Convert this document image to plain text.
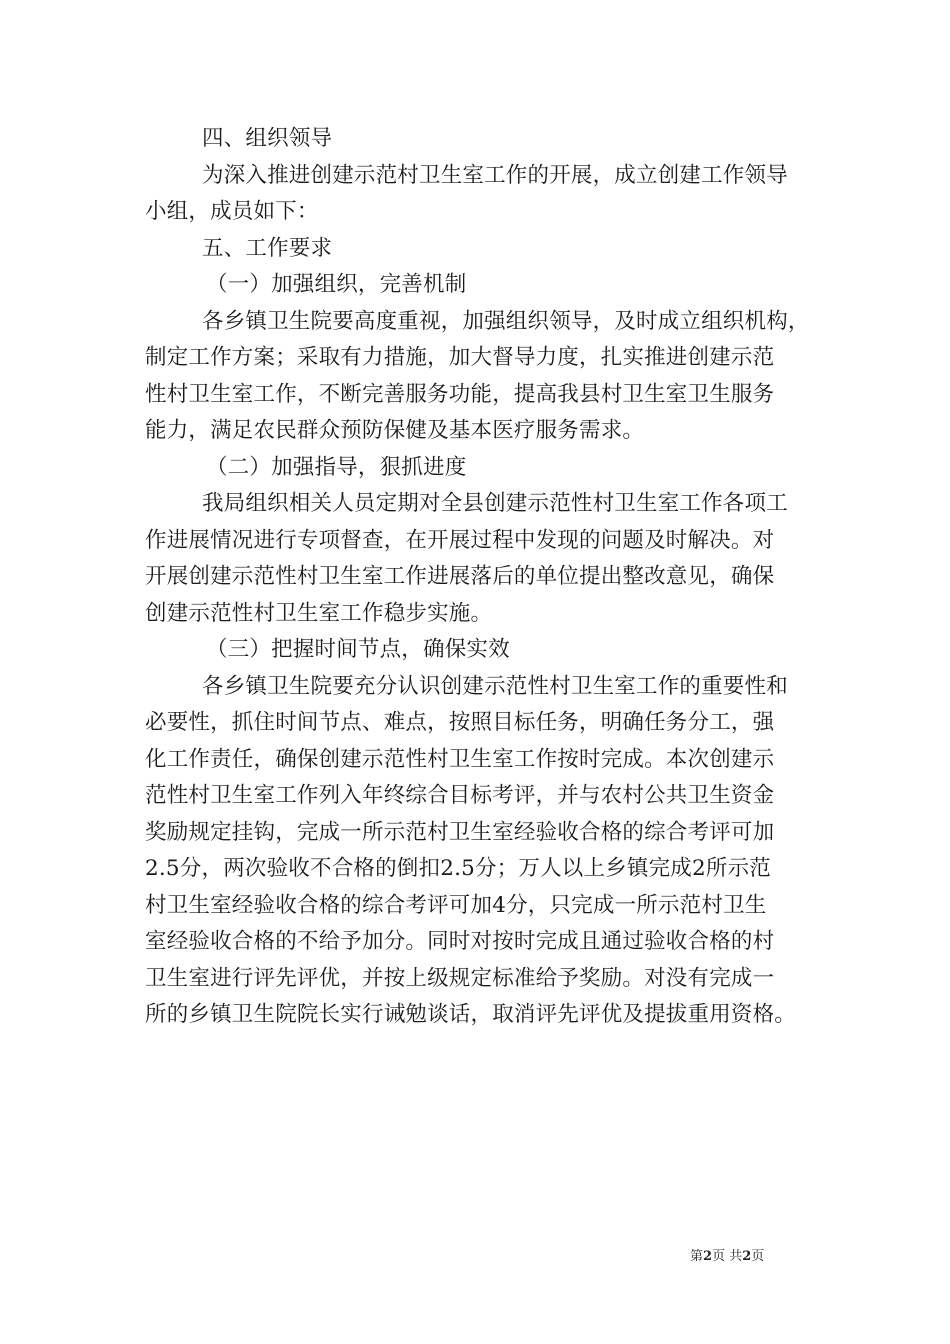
四、组织领导
为深入推进创建示范村卫生室工作的开展，成立创建工作领导
小组，成员如下：
五、工作要求
（一）加强组织，完善机制
各乡镇卫生院要高度重视，加强组织领导，及时成立组织机构，
制定工作方案；采取有力措施，加大督导力度，扎实推进创建示范
性村卫生室工作，不断完善服务功能，提高我县村卫生室卫生服务
能力，满足农民群众预防保健及基本医疗服务需求。
（二）加强指导，狠抓进度
我局组织相关人员定期对全县创建示范性村卫生室工作各项工
作进展情况进行专项督查，在开展过程中发现的问题及时解决。对
开展创建示范性村卫生室工作进展落后的单位提出整改意见，确保
创建示范性村卫生室工作稳步实施。
（三）把握时间节点，确保实效
各乡镇卫生院要充分认识创建示范性村卫生室工作的重要性和
必要性，抓住时间节点、难点，按照目标任务，明确任务分工，强
化工作责任，确保创建示范性村卫生室工作按时完成。本次创建示
范性村卫生室工作列入年终综合目标考评，并与农村公共卫生资金
奖励规定挂钩，完成一所示范村卫生室经验收合格的综合考评可加
2.5分，两次验收不合格的倒扣2.5分；万人以上乡镇完成2所示范
村卫生室经验收合格的综合考评可加4分，只完成一所示范村卫生
室经验收合格的不给予加分。同时对按时完成且通过验收合格的村
卫生室进行评先评优，并按上级规定标准给予奖励。对没有完成一
所的乡镇卫生院院长实行诫勉谈话，取消评先评优及提拔重用资格。
第2页 共2页
